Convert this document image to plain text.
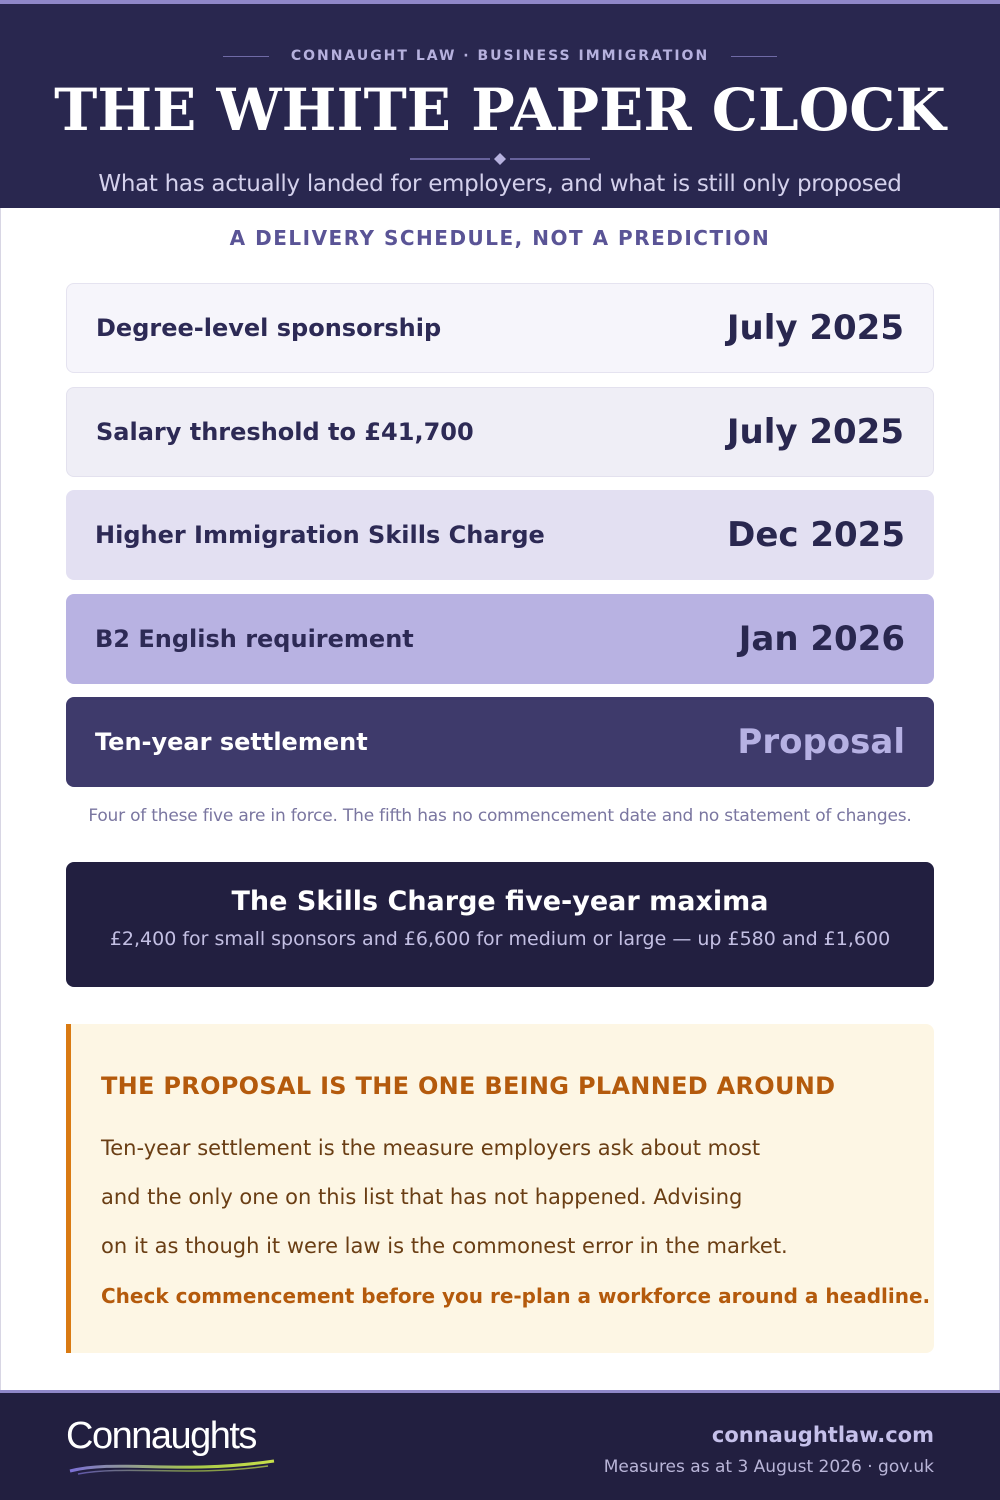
CONNAUGHT LAW · BUSINESS IMMIGRATION
THE WHITE PAPER CLOCK
What has actually landed for employers, and what is still only proposed
A DELIVERY SCHEDULE, NOT A PREDICTION
Degree-level sponsorship	July 2025
Salary threshold to £41,700	July 2025
Higher Immigration Skills Charge	Dec 2025
B2 English requirement	Jan 2026
Ten-year settlement	Proposal
Four of these five are in force. The fifth has no commencement date and no statement of changes.
The Skills Charge five-year maxima
£2,400 for small sponsors and £6,600 for medium or large — up £580 and £1,600
THE PROPOSAL IS THE ONE BEING PLANNED AROUND
Ten-year settlement is the measure employers ask about most
and the only one on this list that has not happened. Advising
on it as though it were law is the commonest error in the market.
Check commencement before you re-plan a workforce around a headline.
Connaughts	connaughtlaw.com
Measures as at 3 August 2026 · gov.uk
